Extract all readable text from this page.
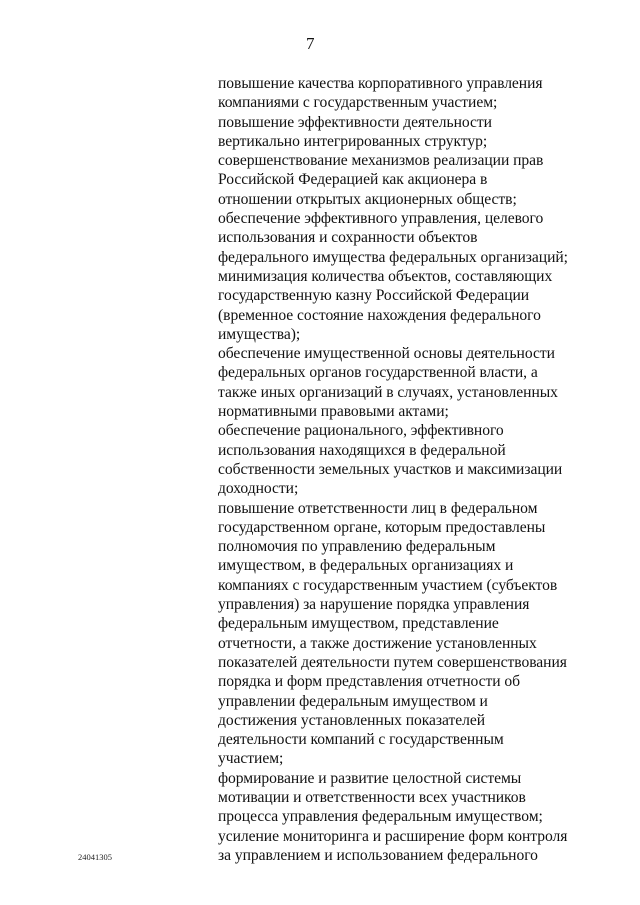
7
повышение качества корпоративного управления
компаниями с государственным участием;
повышение эффективности деятельности
вертикально интегрированных структур;
совершенствование механизмов реализации прав
Российской Федерацией как акционера в
отношении открытых акционерных обществ;
обеспечение эффективного управления, целевого
использования и сохранности объектов
федерального имущества федеральных организаций;
минимизация количества объектов, составляющих
государственную казну Российской Федерации
(временное состояние нахождения федерального
имущества);
обеспечение имущественной основы деятельности
федеральных органов государственной власти, а
также иных организаций в случаях, установленных
нормативными правовыми актами;
обеспечение рационального, эффективного
использования находящихся в федеральной
собственности земельных участков и максимизации
доходности;
повышение ответственности лиц в федеральном
государственном органе, которым предоставлены
полномочия по управлению федеральным
имуществом, в федеральных организациях и
компаниях с государственным участием (субъектов
управления) за нарушение порядка управления
федеральным имуществом, представление
отчетности, а также достижение установленных
показателей деятельности путем совершенствования
порядка и форм представления отчетности об
управлении федеральным имуществом и
достижения установленных показателей
деятельности компаний с государственным
участием;
формирование и развитие целостной системы
мотивации и ответственности всех участников
процесса управления федеральным имуществом;
усиление мониторинга и расширение форм контроля
за управлением и использованием федерального
24041305
